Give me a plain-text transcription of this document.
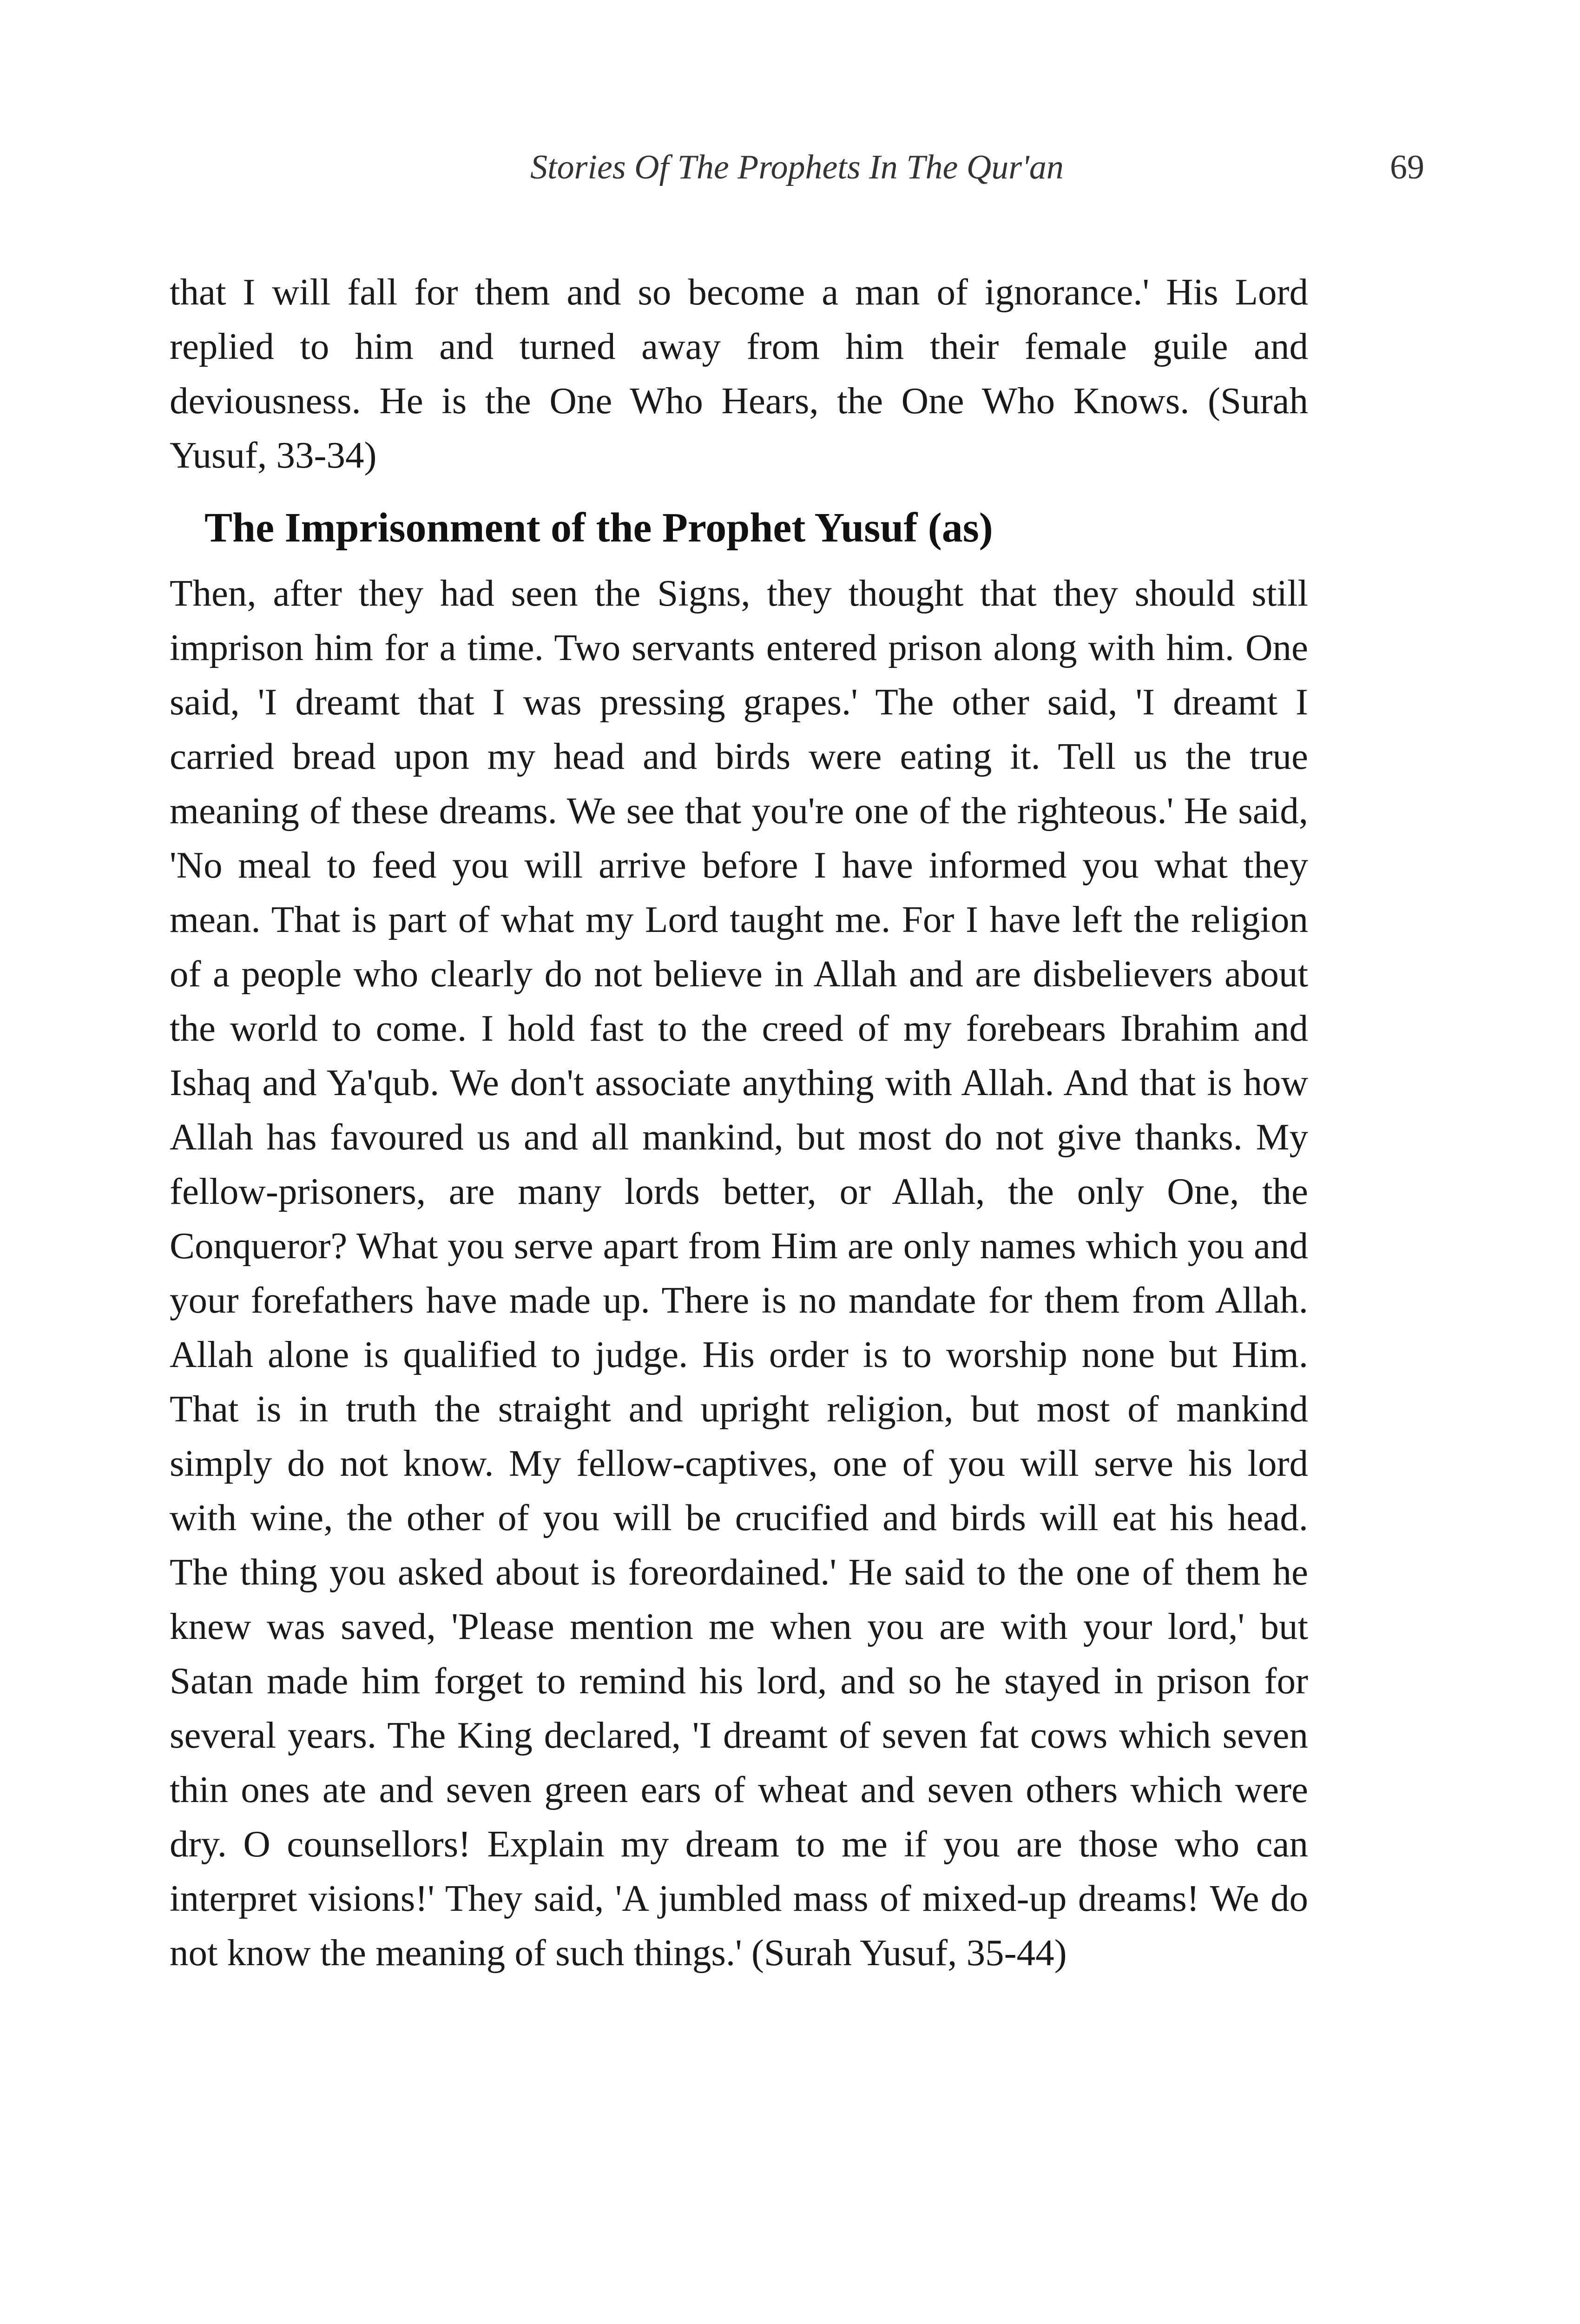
Stories Of The Prophets In The Qur'an	69

that I will fall for them and so become a man of ignorance.' His Lord replied to him and turned away from him their female guile and deviousness. He is the One Who Hears, the One Who Knows. (Surah Yusuf, 33-34)

The Imprisonment of the Prophet Yusuf (as)

Then, after they had seen the Signs, they thought that they should still imprison him for a time. Two servants entered prison along with him. One said, 'I dreamt that I was pressing grapes.' The other said, 'I dreamt I carried bread upon my head and birds were eating it. Tell us the true meaning of these dreams. We see that you're one of the righteous.' He said, 'No meal to feed you will arrive before I have informed you what they mean. That is part of what my Lord taught me. For I have left the religion of a people who clearly do not believe in Allah and are disbelievers about the world to come. I hold fast to the creed of my forebears Ibrahim and Ishaq and Ya'qub. We don't associate anything with Allah. And that is how Allah has favoured us and all mankind, but most do not give thanks. My fellow-prisoners, are many lords better, or Allah, the only One, the Conqueror? What you serve apart from Him are only names which you and your forefathers have made up. There is no mandate for them from Allah. Allah alone is qualified to judge. His order is to worship none but Him. That is in truth the straight and upright religion, but most of mankind simply do not know. My fellow-captives, one of you will serve his lord with wine, the other of you will be crucified and birds will eat his head. The thing you asked about is foreordained.' He said to the one of them he knew was saved, 'Please mention me when you are with your lord,' but Satan made him forget to remind his lord, and so he stayed in prison for several years. The King declared, 'I dreamt of seven fat cows which seven thin ones ate and seven green ears of wheat and seven others which were dry. O counsellors! Explain my dream to me if you are those who can interpret visions!' They said, 'A jumbled mass of mixed-up dreams! We do not know the meaning of such things.' (Surah Yusuf, 35-44)
